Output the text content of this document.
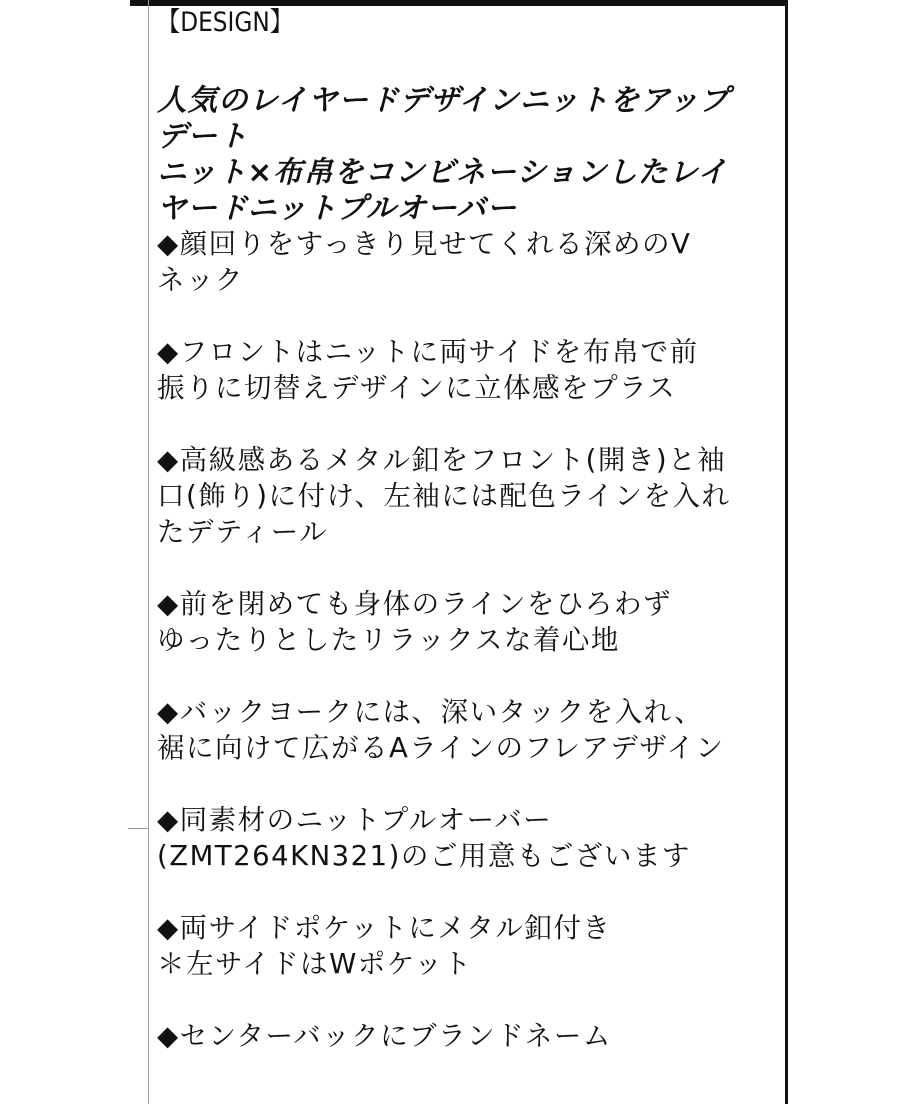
【DESIGN】
人気のレイヤードデザインニットをアップ
デート
ニット×布帛をコンビネーションしたレイ
ヤードニットプルオーバー
◆顔回りをすっきり見せてくれる深めのV
ネック
◆フロントはニットに両サイドを布帛で前
振りに切替えデザインに立体感をプラス
◆高級感あるメタル釦をフロント(開き)と袖
口(飾り)に付け、左袖には配色ラインを入れ
たデティール
◆前を閉めても身体のラインをひろわず
ゆったりとしたリラックスな着心地
◆バックヨークには、深いタックを入れ、
裾に向けて広がるAラインのフレアデザイン
◆同素材のニットプルオーバー
(ZMT264KN321)のご用意もございます
◆両サイドポケットにメタル釦付き
＊左サイドはWポケット
◆センターバックにブランドネーム
